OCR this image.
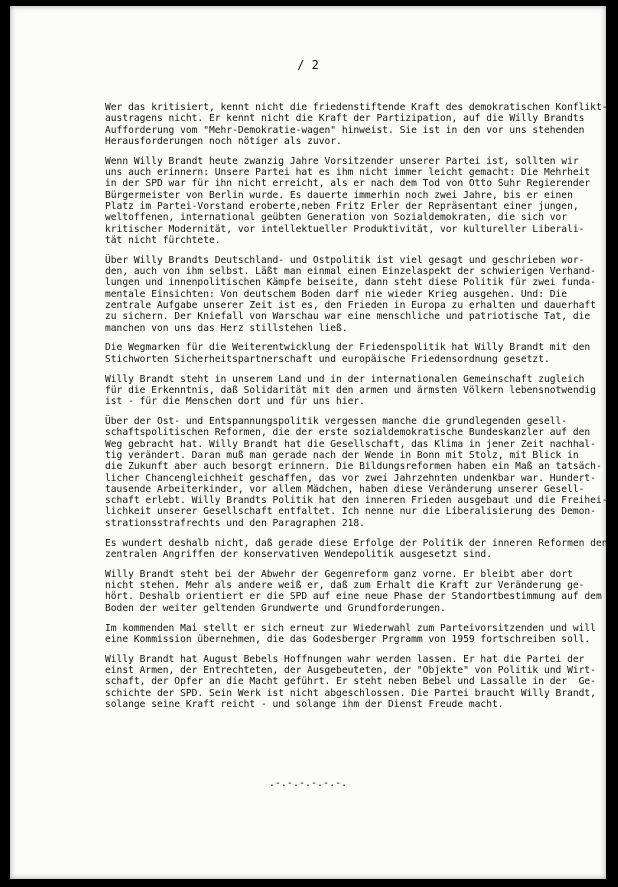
/ 2
Wer das kritisiert, kennt nicht die friedenstiftende Kraft des demokratischen Konflikt-
austragens nicht. Er kennt nicht die Kraft der Partizipation, auf die Willy Brandts
Aufforderung vom "Mehr-Demokratie-wagen" hinweist. Sie ist in den vor uns stehenden
Herausforderungen noch nötiger als zuvor.
Wenn Willy Brandt heute zwanzig Jahre Vorsitzender unserer Partei ist, sollten wir
uns auch erinnern: Unsere Partei hat es ihm nicht immer leicht gemacht: Die Mehrheit
in der SPD war für ihn nicht erreicht, als er nach dem Tod von Otto Suhr Regierender
Bürgermeister von Berlin wurde. Es dauerte immerhin noch zwei Jahre, bis er einen
Platz im Partei-Vorstand eroberte,neben Fritz Erler der Repräsentant einer jungen,
weltoffenen, international geübten Generation von Sozialdemokraten, die sich vor
kritischer Modernität, vor intellektueller Produktivität, vor kultureller Liberali-
tät nicht fürchtete.
Über Willy Brandts Deutschland- und Ostpolitik ist viel gesagt und geschrieben wor-
den, auch von ihm selbst. Läßt man einmal einen Einzelaspekt der schwierigen Verhand-
lungen und innenpolitischen Kämpfe beiseite, dann steht diese Politik für zwei funda-
mentale Einsichten: Von deutschem Boden darf nie wieder Krieg ausgehen. Und: Die
zentrale Aufgabe unserer Zeit ist es, den Frieden in Europa zu erhalten und dauerhaft
zu sichern. Der Kniefall von Warschau war eine menschliche und patriotische Tat, die
manchen von uns das Herz stillstehen ließ.
Die Wegmarken für die Weiterentwicklung der Friedenspolitik hat Willy Brandt mit den
Stichworten Sicherheitspartnerschaft und europäische Friedensordnung gesetzt.
Willy Brandt steht in unserem Land und in der internationalen Gemeinschaft zugleich
für die Erkenntnis, daß Solidarität mit den armen und ärmsten Völkern lebensnotwendig
ist - für die Menschen dort und für uns hier.
Über der Ost- und Entspannungspolitik vergessen manche die grundlegenden gesell-
schaftspolitischen Reformen, die der erste sozialdemokratische Bundeskanzler auf den
Weg gebracht hat. Willy Brandt hat die Gesellschaft, das Klima in jener Zeit nachhal-
tig verändert. Daran muß man gerade nach der Wende in Bonn mit Stolz, mit Blick in
die Zukunft aber auch besorgt erinnern. Die Bildungsreformen haben ein Maß an tatsäch-
licher Chancengleichheit geschaffen, das vor zwei Jahrzehnten undenkbar war. Hundert-
tausende Arbeiterkinder, vor allem Mädchen, haben diese Veränderung unserer Gesell-
schaft erlebt. Willy Brandts Politik hat den inneren Frieden ausgebaut und die Freihei-
lichkeit unserer Gesellschaft entfaltet. Ich nenne nur die Liberalisierung des Demon-
strationsstrafrechts und den Paragraphen 218.
Es wundert deshalb nicht, daß gerade diese Erfolge der Politik der inneren Reformen den
zentralen Angriffen der konservativen Wendepolitik ausgesetzt sind.
Willy Brandt steht bei der Abwehr der Gegenreform ganz vorne. Er bleibt aber dort
nicht stehen. Mehr als andere weiß er, daß zum Erhalt die Kraft zur Veränderung ge-
hört. Deshalb orientiert er die SPD auf eine neue Phase der Standortbestimmung auf dem
Boden der weiter geltenden Grundwerte und Grundforderungen.
Im kommenden Mai stellt er sich erneut zur Wiederwahl zum Parteivorsitzenden und will
eine Kommission übernehmen, die das Godesberger Prgramm von 1959 fortschreiben soll.
Willy Brandt hat August Bebels Hoffnungen wahr werden lassen. Er hat die Partei der
einst Armen, der Entrechteten, der Ausgebeuteten, der "Objekte" von Politik und Wirt-
schaft, der Opfer an die Macht geführt. Er steht neben Bebel und Lassalle in der  Ge-
schichte der SPD. Sein Werk ist nicht abgeschlossen. Die Partei braucht Willy Brandt,
solange seine Kraft reicht - und solange ihm der Dienst Freude macht.
.-.-.-.-.-.-.
